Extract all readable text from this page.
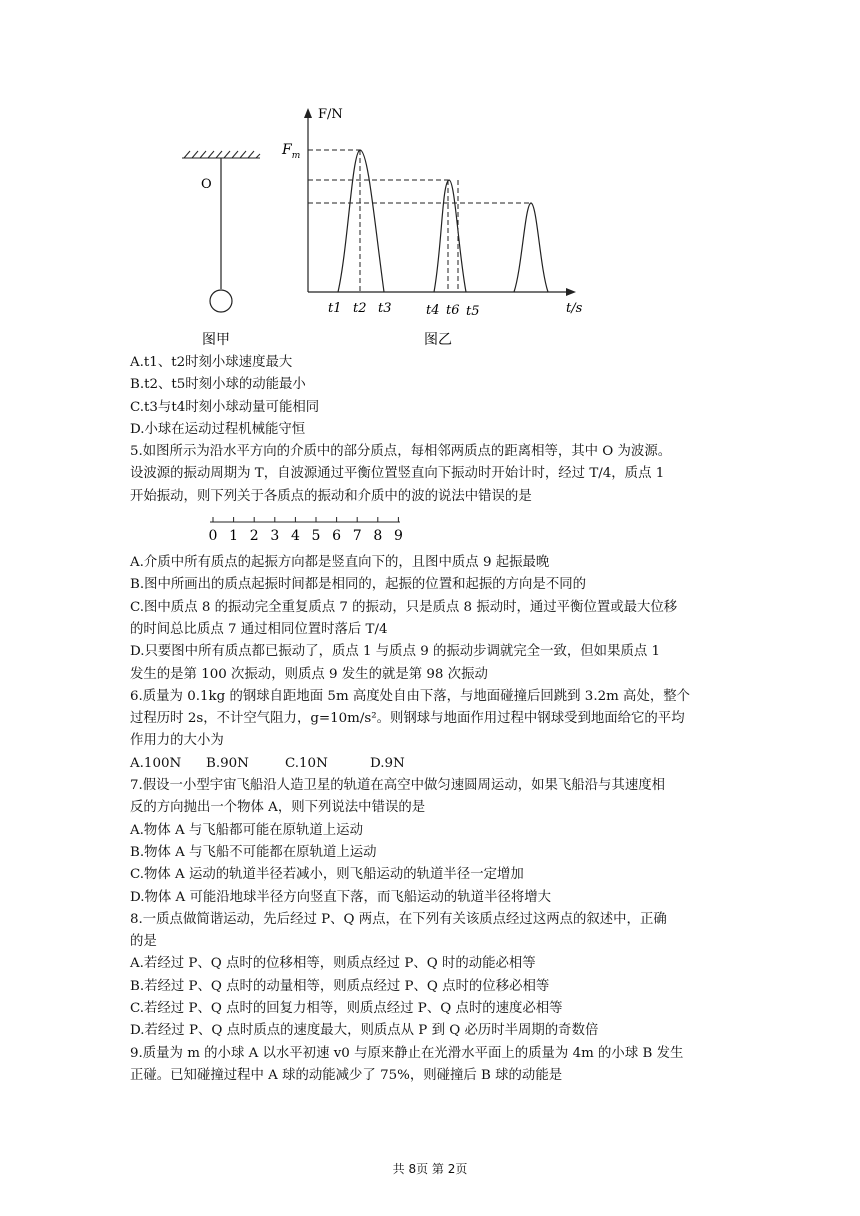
O
F/N
t/s
$F_m$
t1 t2 t3	t4 t6 t5
图甲	图乙
A.t1、t2时刻小球速度最大
B.t2、t5时刻小球的动能最小
C.t3与t4时刻小球动量可能相同
D.小球在运动过程机械能守恒
5.如图所示为沿水平方向的介质中的部分质点，每相邻两质点的距离相等，其中 O 为波源。
设波源的振动周期为 T，自波源通过平衡位置竖直向下振动时开始计时，经过 T/4，质点 1
开始振动，则下列关于各质点的振动和介质中的波的说法中错误的是
A.介质中所有质点的起振方向都是竖直向下的，且图中质点 9 起振最晚
B.图中所画出的质点起振时间都是相同的，起振的位置和起振的方向是不同的
C.图中质点 8 的振动完全重复质点 7 的振动，只是质点 8 振动时，通过平衡位置或最大位移
的时间总比质点 7 通过相同位置时落后 T/4
D.只要图中所有质点都已振动了，质点 1 与质点 9 的振动步调就完全一致，但如果质点 1
发生的是第 100 次振动，则质点 9 发生的就是第 98 次振动
6.质量为 0.1kg 的钢球自距地面 5m 高度处自由下落，与地面碰撞后回跳到 3.2m 高处，整个
过程历时 2s，不计空气阻力，g=10m/s²。则钢球与地面作用过程中钢球受到地面给它的平均
作用力的大小为
A.100N B.90N	C.10N	D.9N
7.假设一小型宇宙飞船沿人造卫星的轨道在高空中做匀速圆周运动，如果飞船沿与其速度相
反的方向抛出一个物体 A，则下列说法中错误的是
A.物体 A 与飞船都可能在原轨道上运动
B.物体 A 与飞船不可能都在原轨道上运动
C.物体 A 运动的轨道半径若减小，则飞船运动的轨道半径一定增加
D.物体 A 可能沿地球半径方向竖直下落，而飞船运动的轨道半径将增大
8.一质点做简谐运动，先后经过 P、Q 两点，在下列有关该质点经过这两点的叙述中，正确
的是
A.若经过 P、Q 点时的位移相等，则质点经过 P、Q 时的动能必相等
B.若经过 P、Q 点时的动量相等，则质点经过 P、Q 点时的位移必相等
C.若经过 P、Q 点时的回复力相等，则质点经过 P、Q 点时的速度必相等
D.若经过 P、Q 点时质点的速度最大，则质点从 P 到 Q 必历时半周期的奇数倍
9.质量为 m 的小球 A 以水平初速 v0 与原来静止在光滑水平面上的质量为 4m 的小球 B 发生
正碰。已知碰撞过程中 A 球的动能减少了 75%，则碰撞后 B 球的动能是
0 1 2 3 4 5 6 7 8 9
共 8页 第 2页
